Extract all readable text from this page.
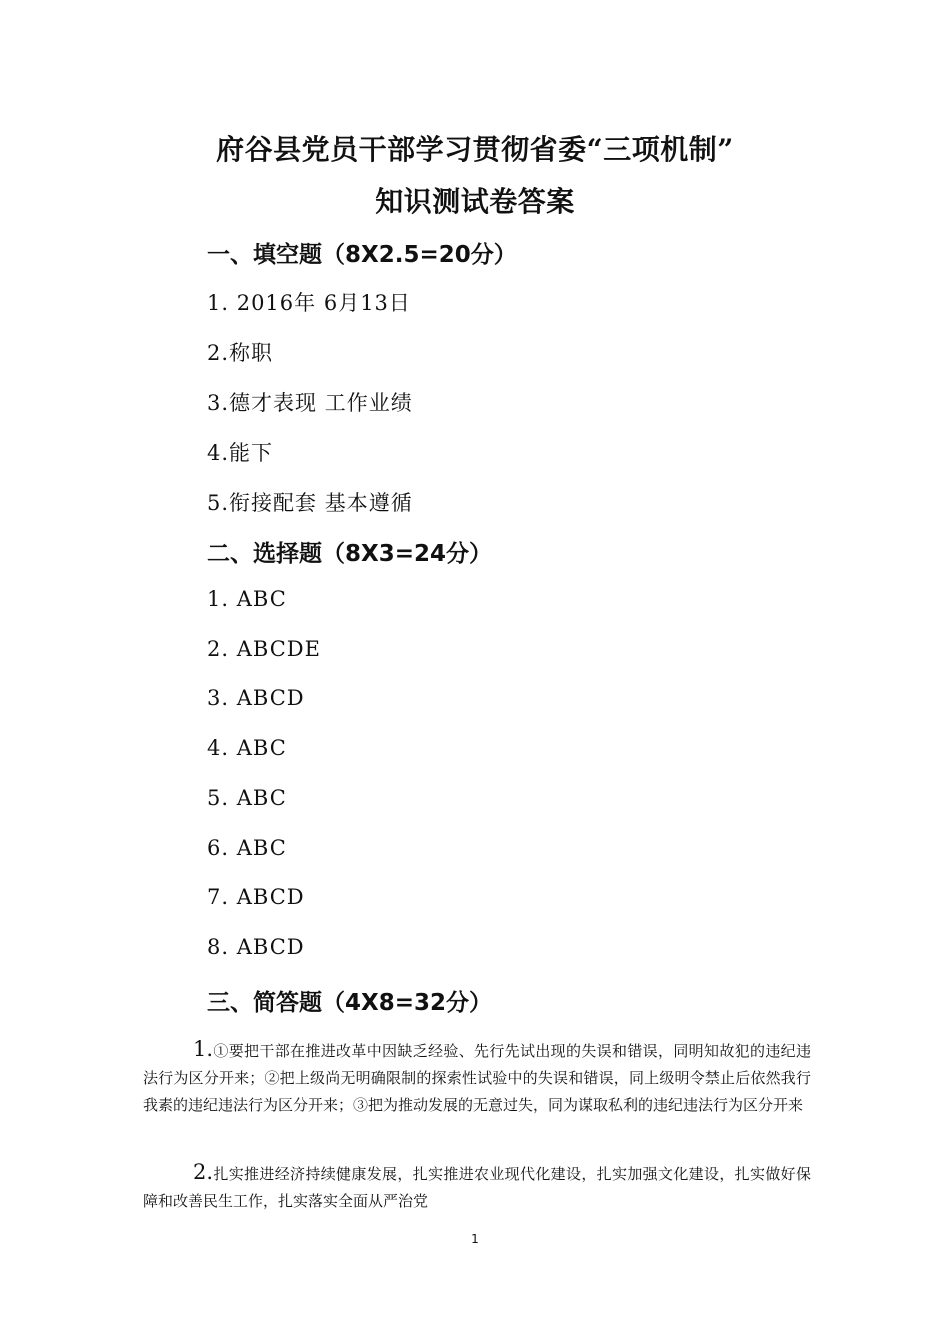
府谷县党员干部学习贯彻省委“三项机制”
知识测试卷答案
一、填空题（8X2.5=20分）
1. 2016年 6月13日
2.称职
3.德才表现 工作业绩
4.能下
5.衔接配套 基本遵循
二、选择题（8X3=24分）
1. ABC
2. ABCDE
3. ABCD
4. ABC
5. ABC
6. ABC
7. ABCD
8. ABCD
三、简答题（4X8=32分）
1.①要把干部在推进改革中因缺乏经验、先行先试出现的失误和错误，同明知故犯的违纪违法行为区分开来；②把上级尚无明确限制的探索性试验中的失误和错误，同上级明令禁止后依然我行我素的违纪违法行为区分开来；③把为推动发展的无意过失，同为谋取私利的违纪违法行为区分开来
2.扎实推进经济持续健康发展，扎实推进农业现代化建设，扎实加强文化建设，扎实做好保障和改善民生工作，扎实落实全面从严治党
1
